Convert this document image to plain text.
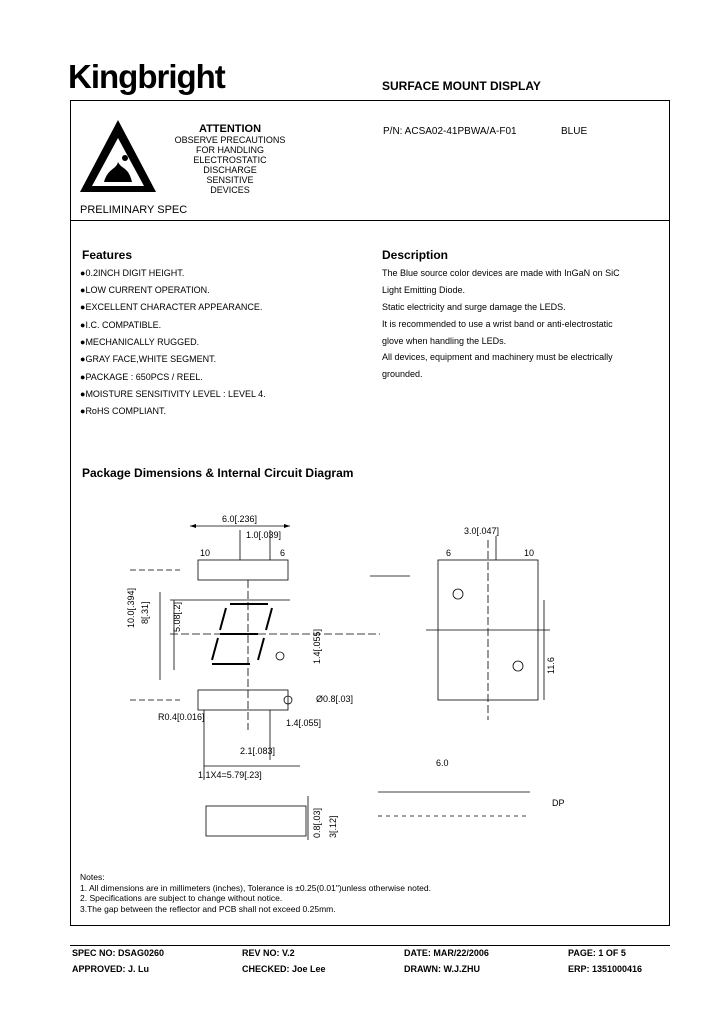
Kingbright	SURFACE MOUNT DISPLAY
ATTENTION
OBSERVE PRECAUTIONS
FOR HANDLING
ELECTROSTATIC
DISCHARGE
SENSITIVE
DEVICES
P/N: ACSA02-41PBWA/A-F01	BLUE
PRELIMINARY SPEC
Features
●0.2INCH DIGIT HEIGHT.
●LOW CURRENT OPERATION.
●EXCELLENT CHARACTER APPEARANCE.
●I.C. COMPATIBLE.
●MECHANICALLY RUGGED.
●GRAY FACE,WHITE SEGMENT.
●PACKAGE : 650PCS / REEL.
●MOISTURE SENSITIVITY LEVEL : LEVEL 4.
●RoHS COMPLIANT.
Description
The Blue source color devices are made with InGaN on SiC
Light Emitting Diode.
Static electricity and surge damage the LEDS.
It is recommended to use a wrist band or anti-electrostatic
glove when handling the LEDs.
All devices, equipment and machinery must be electrically
grounded.
Package Dimensions & Internal Circuit Diagram
6.0[.236]
1.0[.039]
10	6
10.0[.394] 8[.31] 5.08[.2]
1.4[.055]
Ø0.8[.03]
1.4[.055]
R0.4[0.016]
2.1[.083]
1.1X4=5.79[.23]
0.8[.03] 3[.12]
3.0[.047]
6	10
11.6
6.0
DP
Notes:
1. All dimensions are in millimeters (inches), Tolerance is ±0.25(0.01")unless otherwise noted.
2. Specifications are subject to change without notice.
3.The gap between the reflector and PCB shall not exceed 0.25mm.
SPEC NO: DSAG0260	REV NO: V.2	DATE: MAR/22/2006	PAGE: 1 OF 5
APPROVED: J. Lu	CHECKED: Joe Lee	DRAWN: W.J.ZHU	ERP: 1351000416
